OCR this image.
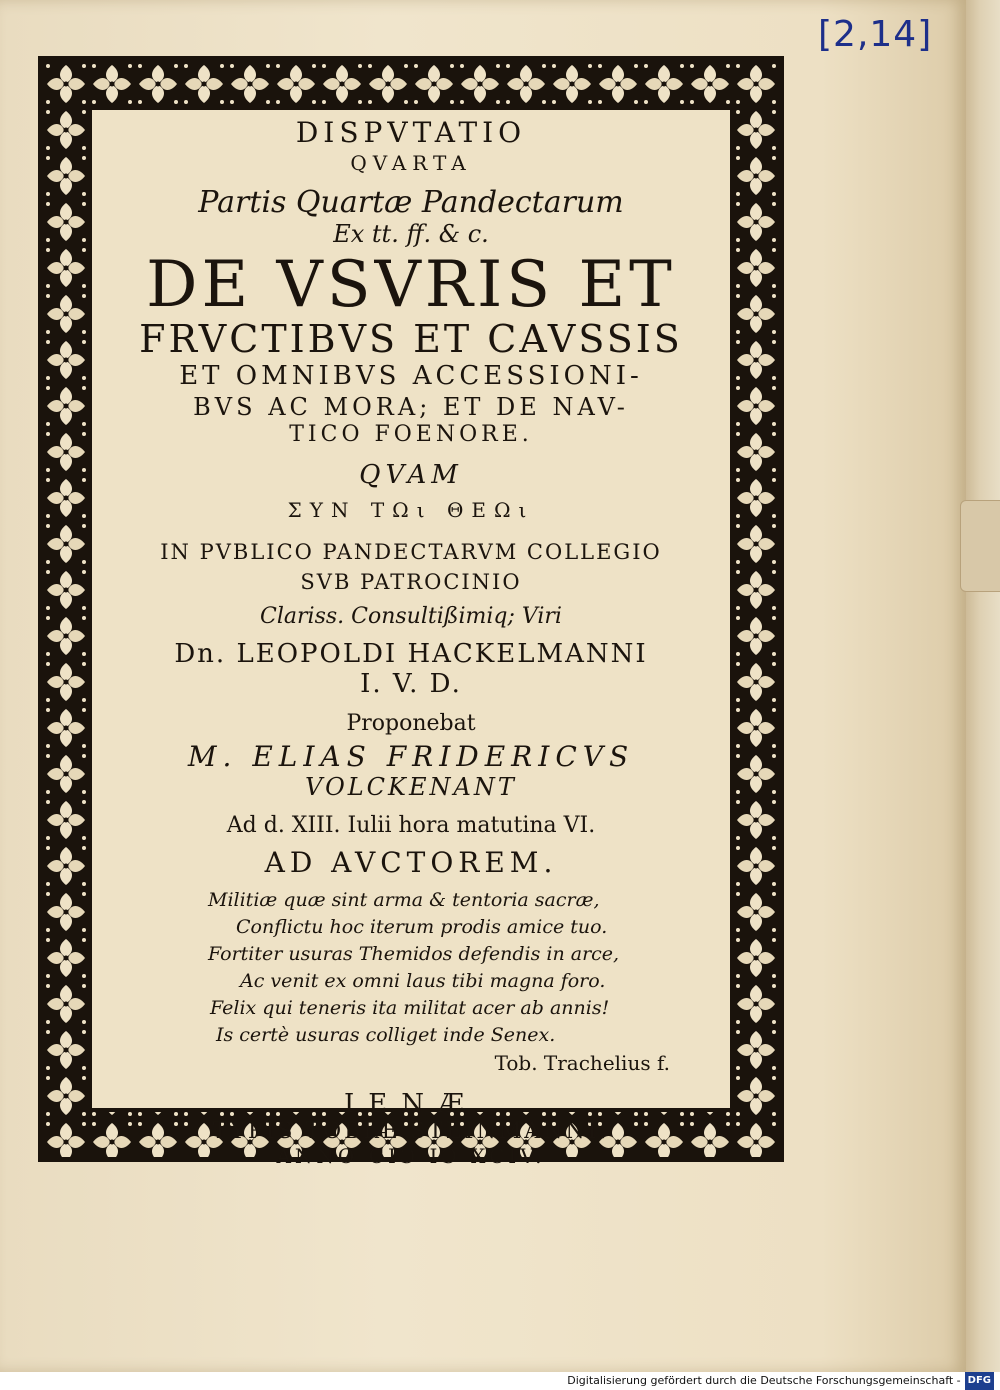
[2,14]
DISPVTATIO
QVARTA
Partis Quartæ Pandectarum
Ex tt. ff. & c.
DE VSVRIS ET
FRVCTIBVS ET CAVSSIS
ET OMNIBVS ACCESSIONI-
BVS AC MORA; ET DE NAV-
TICO FOENORE.
QVAM
ΣΥΝ ΤΩι ΘΕΩι
IN PVBLICO PANDECTARVM COLLEGIO
SVB PATROCINIO
Clariss. Consultißimiq; Viri
Dn. LEOPOLDI HACKELMANNI
I. V. D.
Proponebat
M. ELIAS FRIDERICVS
VOLCKENANT
Ad d. XIII. Iulii hora matutina VI.
AD AVCTOREM.
Militiæ quæ sint arma & tentoria sacræ,
Conflictu hoc iterum prodis amice tuo.
Fortiter usuras Themidos defendis in arce,
Ac venit ex omni laus tibi magna foro.
Felix qui teneris ita militat acer ab annis!
Is certè usuras colliget inde Senex.
Tob. Trachelius f.
IENÆ
TYPIS TOBIÆ STEINMANNI.
ANNO CIƆ IƆ XCIV.
Digitalisierung gefördert durch die Deutsche Forschungsgemeinschaft - DFG
